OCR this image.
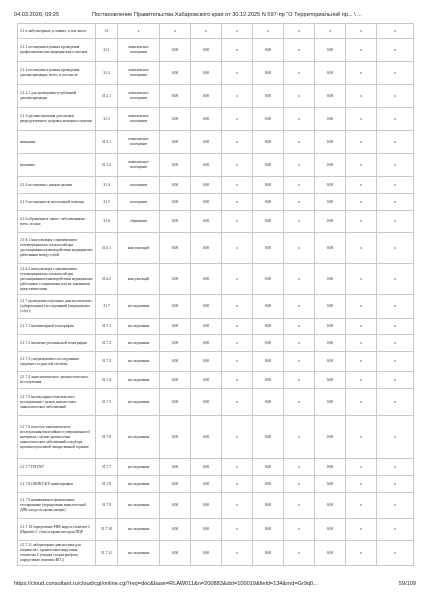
04.03.2026, 09:25	Постановление Правительства Хабаровского края от 30.12.2025 N 597-пр "О Территориальной пр... \ ...
2.1 в амбулаторных условиях, в том числе:	31	х	х	х	х	х	х	х	х	х
2.1.1 посещения в рамках проведения профилактических медицинских осмотров	31.1	комплексное посещение	0,00	0,00	х	0,00	х	0,00	х	х
2.1.2 посещения в рамках проведения диспансеризации, всего, в том числе:	31.2	комплексное посещение	0,00	0,00	х	0,00	х	0,00	х	х
2.1.2.1 для проведения углубленной диспансеризации	31.2.1	комплексное посещение	0,00	0,00	х	0,00	х	0,00	х	х
2.1.3 диспансеризация для оценки репродуктивного здоровья женщин и мужчин	31.3	комплексное посещение	0,00	0,00	х	0,00	х	0,00	х	х
женщины	31.3.1	комплексное посещение	0,00	0,00	х	0,00	х	0,00	х	х
мужчины	31.3.2	комплексное посещение	0,00	0,00	х	0,00	х	0,00	х	х
2.1.4 посещения с иными целями	31.4	посещение	0,00	0,00	х	0,00	х	0,00	х	х
2.1.5 посещения по неотложной помощи	31.5	посещение	0,00	0,00	х	0,00	х	0,00	х	х
2.1.6 обращения в связи с заболеваниями - всего, из них:	31.6	обращение	0,00	0,00	х	0,00	х	0,00	х	х
2.1.6.1 консультация с применением телемедицинских технологий при дистанционном взаимодействии медицинских работников между собой	31.6.1	консультаций	0,00	0,00	х	0,00	х	0,00	х	х
2.1.6.2 консультация с применением телемедицинских технологий при дистанционном взаимодействии медицинских работников с пациентами или их законными представителями	31.6.2	консультаций	0,00	0,00	х	0,00	х	0,00	х	х
2.1.7 проведение отдельных диагностических (лабораторных) исследований (медицинских услуг):	31.7	исследования	0,00	0,00	х	0,00	х	0,00	х	х
2.1.7.1 компьютерной томографии	31.7.1	исследования	0,00	0,00	х	0,00	х	0,00	х	х
2.1.7.2 магнитно-резонансной томографии	31.7.2	исследования	0,00	0,00	х	0,00	х	0,00	х	х
2.1.7.3 ультразвукового исследования сердечно-сосудистой системы	31.7.3	исследования	0,00	0,00	х	0,00	х	0,00	х	х
2.1.7.4 эндоскопического диагностического исследования	31.7.4	исследования	0,00	0,00	х	0,00	х	0,00	х	х
2.1.7.5 молекулярно-генетического исследования с целью диагностики онкологических заболеваний	31.7.5	исследования	0,00	0,00	х	0,00	х	0,00	х	х
2.1.7.6 патолого-анатомического исследования биопсийного (операционного) материала с целью диагностики онкологических заболеваний и подбора противоопухолевой лекарственной терапии	31.7.6	исследования	0,00	0,00	х	0,00	х	0,00	х	х
2.1.7.7 ПЭТ/КТ	31.7.7	исследования	0,00	0,00	х	0,00	х	0,00	х	х
2.1.7.8 ОФЭКТ/КТ/сцинтиграфия	31.7.8	исследования	0,00	0,00	х	0,00	х	0,00	х	х
2.1.7.9 неинвазивное пренатальное тестирование (определение внеклеточной ДНК плода по крови матери)	31.7.9	исследования	0,00	0,00	х	0,00	х	0,00	х	х
2.1.7.10 определение РНК вируса гепатита C (Hepatitis C virus) в крови методом ПЦР	31.7.10	исследования	0,00	0,00	х	0,00	х	0,00	х	х
2.1.7.11 лабораторная диагностика для пациентов с хроническим вирусным гепатитом C (оценка стадии фиброза, определение генотипа ВГС)	31.7.11	исследования	0,00	0,00	х	0,00	х	0,00	х	х
https://cloud.consultant.ru/cloud/cgi/online.cgi?req=doc&base=RLAW011&n=200883&dst=100019&field=134&rnd=Gr9q0...	59/109
